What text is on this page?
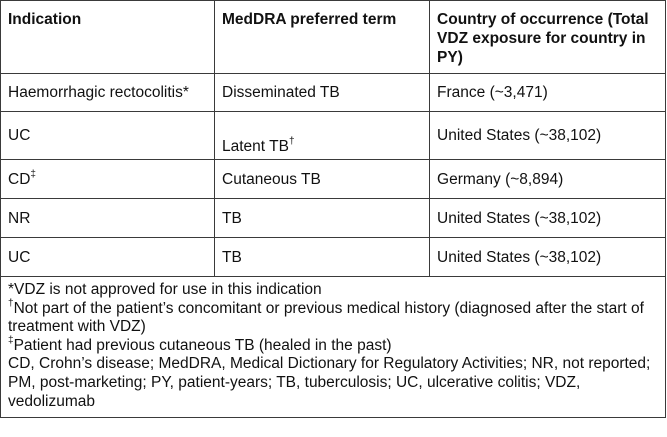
Indication	MedDRA preferred term	Country of occurrence (Total VDZ exposure for country in PY)
Haemorrhagic rectocolitis*	Disseminated TB	France (~3,471)
UC	Latent TB†	United States (~38,102)
CD‡	Cutaneous TB	Germany (~8,894)
NR	TB	United States (~38,102)
UC	TB	United States (~38,102)

*VDZ is not approved for use in this indication
†Not part of the patient’s concomitant or previous medical history (diagnosed after the start of treatment with VDZ)
‡Patient had previous cutaneous TB (healed in the past)
CD, Crohn’s disease; MedDRA, Medical Dictionary for Regulatory Activities; NR, not reported; PM, post-marketing; PY, patient-years; TB, tuberculosis; UC, ulcerative colitis; VDZ, vedolizumab		
